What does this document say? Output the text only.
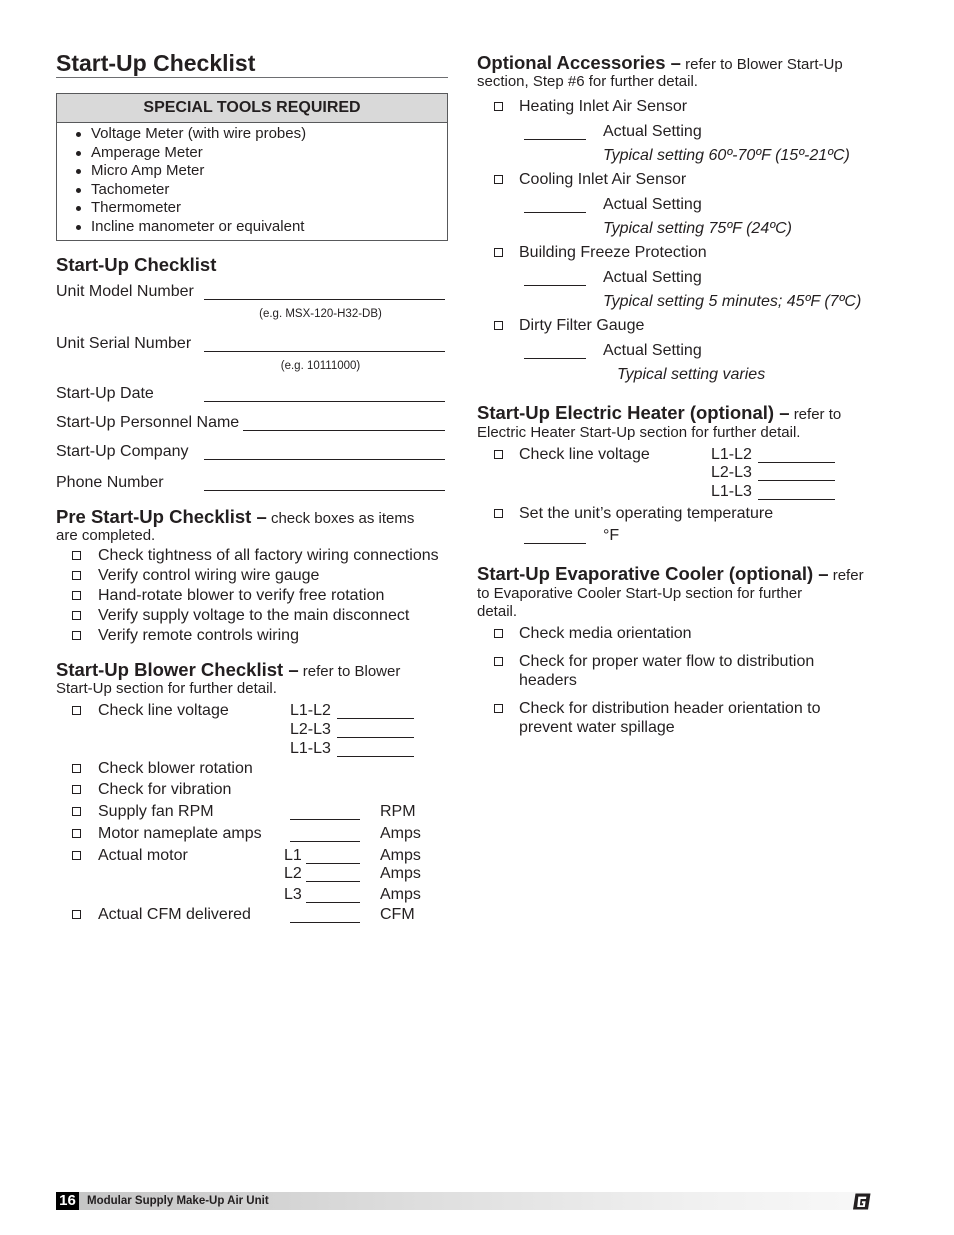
Start-Up Checklist
SPECIAL TOOLS REQUIRED
Voltage Meter (with wire probes)
Amperage Meter
Micro Amp Meter
Tachometer
Thermometer
Incline manometer or equivalent
Start-Up Checklist
Unit Model Number
(e.g. MSX-120-H32-DB)
Unit Serial Number
(e.g. 10111000)
Start-Up Date
Start-Up Personnel Name
Start-Up Company
Phone Number
Pre Start-Up Checklist – check boxes as items
are completed.
Check tightness of all factory wiring connections
Verify control wiring wire gauge
Hand-rotate blower to verify free rotation
Verify supply voltage to the main disconnect
Verify remote controls wiring
Start-Up Blower Checklist – refer to Blower
Start-Up section for further detail.
Check line voltage	L1-L2
L2-L3
L1-L3
Check blower rotation
Check for vibration
Supply fan RPM	RPM
Motor nameplate amps	Amps
Actual motor	L1	Amps
L2	Amps
L3	Amps
Actual CFM delivered	CFM
Optional Accessories – refer to Blower Start-Up
section, Step #6 for further detail.
Heating Inlet Air Sensor
Actual Setting
Typical setting 60º-70ºF (15º-21ºC)
Cooling Inlet Air Sensor
Actual Setting
Typical setting 75ºF (24ºC)
Building Freeze Protection
Actual Setting
Typical setting 5 minutes; 45ºF (7ºC)
Dirty Filter Gauge
Actual Setting
Typical setting varies
Start-Up Electric Heater (optional) – refer to
Electric Heater Start-Up section for further detail.
Check line voltage	L1-L2
L2-L3
L1-L3
Set the unit’s operating temperature
°F
Start-Up Evaporative Cooler (optional) – refer
to Evaporative Cooler Start-Up section for further
detail.
Check media orientation
Check for proper water flow to distribution
headers
Check for distribution header orientation to
prevent water spillage
16 Modular Supply Make-Up Air Unit
